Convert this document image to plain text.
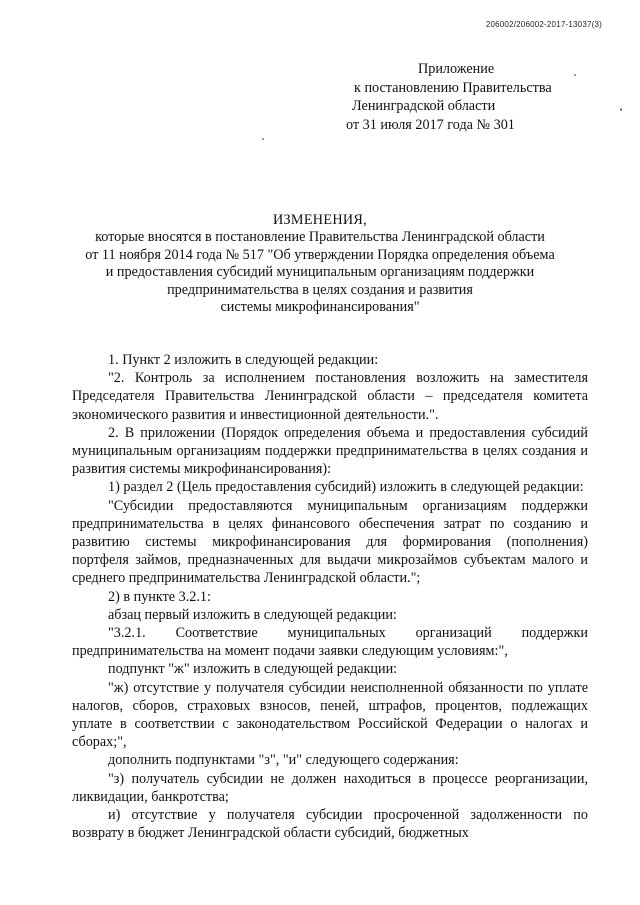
206002/206002-2017-13037(3)
Приложение
к постановлению Правительства
Ленинградской области
от 31 июля 2017 года № 301
ИЗМЕНЕНИЯ,
которые вносятся в постановление Правительства Ленинградской области
от 11 ноября 2014 года № 517 "Об утверждении Порядка определения объема
и предоставления субсидий муниципальным организациям поддержки
предпринимательства в целях создания и развития
системы микрофинансирования"

1. Пункт 2 изложить в следующей редакции:

"2. Контроль за исполнением постановления возложить на заместителя Председателя Правительства Ленинградской области – председателя комитета экономического развития и инвестиционной деятельности.".

2. В приложении (Порядок определения объема и предоставления субсидий муниципальным организациям поддержки предпринимательства в целях создания и развития системы микрофинансирования):

1) раздел 2 (Цель предоставления субсидий) изложить в следующей редакции:

"Субсидии предоставляются муниципальным организациям поддержки предпринимательства в целях финансового обеспечения затрат по созданию и развитию системы микрофинансирования для формирования (пополнения) портфеля займов, предназначенных для выдачи микрозаймов субъектам малого и среднего предпринимательства Ленинградской области.";

2) в пункте 3.2.1:

абзац первый изложить в следующей редакции:

"3.2.1. Соответствие муниципальных организаций поддержки предпринимательства на момент подачи заявки следующим условиям:",

подпункт "ж" изложить в следующей редакции:

"ж) отсутствие у получателя субсидии неисполненной обязанности по уплате налогов, сборов, страховых взносов, пеней, штрафов, процентов, подлежащих уплате в соответствии с законодательством Российской Федерации о налогах и сборах;",

дополнить подпунктами "з", "и" следующего содержания:

"з) получатель субсидии не должен находиться в процессе реорганизации, ликвидации, банкротства;

и) отсутствие у получателя субсидии просроченной задолженности по возврату в бюджет Ленинградской области субсидий, бюджетных
